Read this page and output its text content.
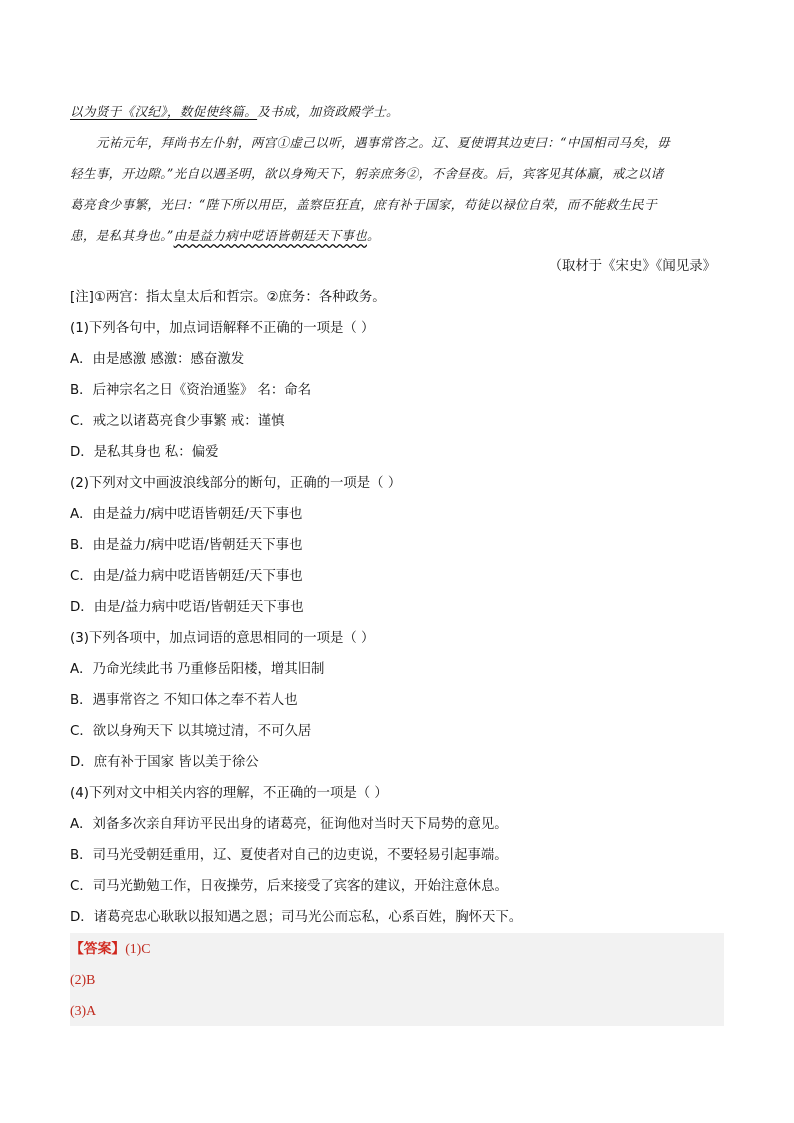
以为贤于《汉纪》，数促使终篇。及书成，加资政殿学士。
元祐元年，拜尚书左仆射，两宫①虚己以听，遇事常咨之。辽、夏使谓其边吏曰：“中国相司马矣，毋
轻生事，开边隙。”光自以遇圣明，欲以身殉天下，躬亲庶务②，不舍昼夜。后，宾客见其体羸，戒之以诸
葛亮食少事繁，光曰：“陛下所以用臣，盖察臣狂直，庶有补于国家，苟徒以禄位自荣，而不能救生民于
患，是私其身也。”由是益力病中呓语皆朝廷天下事也。
（取材于《宋史》《闻见录》
[注]①两宫：指太皇太后和哲宗。②庶务：各种政务。
(1)下列各句中，加点词语解释不正确的一项是（ ）
A．由是感激 感激：感奋激发
B．后神宗名之日《资治通鉴》 名：命名
C．戒之以诸葛亮食少事繁 戒：谨慎
D．是私其身也 私：偏爱
(2)下列对文中画波浪线部分的断句，正确的一项是（ ）
A．由是益力/病中呓语皆朝廷/天下事也
B．由是益力/病中呓语/皆朝廷天下事也
C．由是/益力病中呓语皆朝廷/天下事也
D．由是/益力病中呓语/皆朝廷天下事也
(3)下列各项中，加点词语的意思相同的一项是（ ）
A．乃命光续此书 乃重修岳阳楼，增其旧制
B．遇事常咨之 不知口体之奉不若人也
C．欲以身殉天下 以其境过清，不可久居
D．庶有补于国家 皆以美于徐公
(4)下列对文中相关内容的理解，不正确的一项是（ ）
A．刘备多次亲自拜访平民出身的诸葛亮，征询他对当时天下局势的意见。
B．司马光受朝廷重用，辽、夏使者对自己的边吏说，不要轻易引起事端。
C．司马光勤勉工作，日夜操劳，后来接受了宾客的建议，开始注意休息。
D．诸葛亮忠心耿耿以报知遇之恩；司马光公而忘私，心系百姓，胸怀天下。
【答案】(1)C
(2)B
(3)A
